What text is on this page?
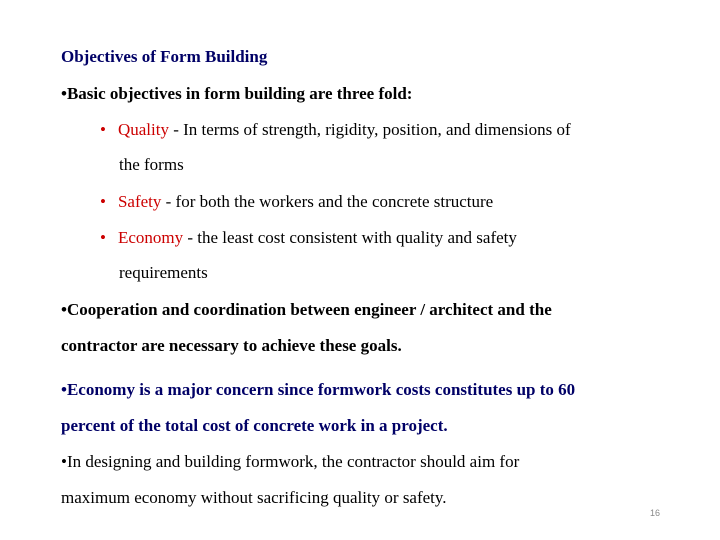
Objectives of Form Building
•Basic objectives in form building are three fold:
• Quality - In terms of strength, rigidity, position, and dimensions of
the forms
• Safety - for both the workers and the concrete structure
• Economy - the least cost consistent with quality and safety
requirements
•Cooperation and coordination between engineer / architect and the
contractor are necessary to achieve these goals.
•Economy is a major concern since formwork costs constitutes up to 60
percent of the total cost of concrete work in a project.
•In designing and building formwork, the contractor should aim for
maximum economy without sacrificing quality or safety.
16
